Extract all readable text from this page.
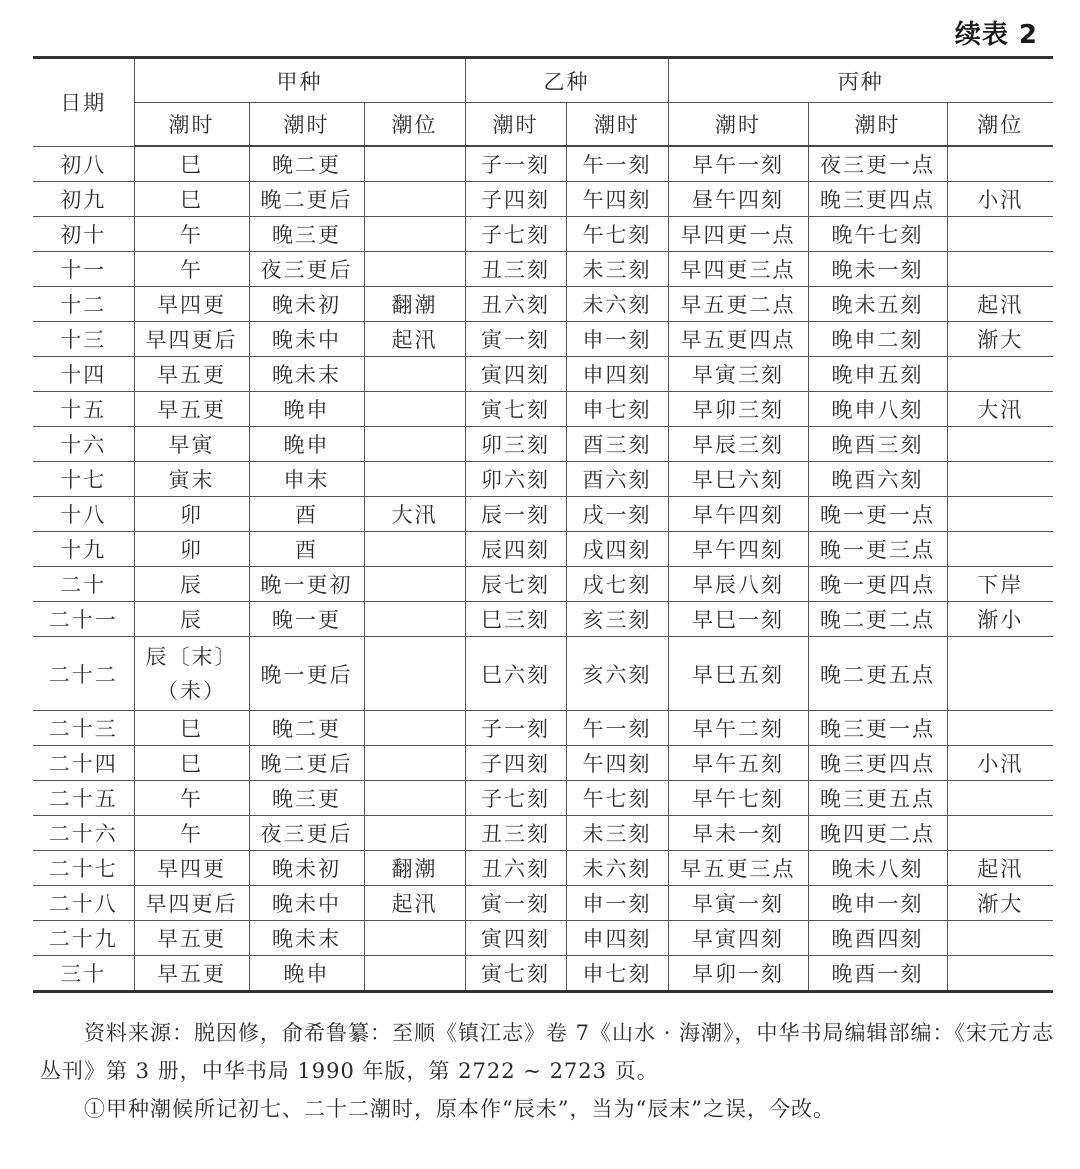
续表 2
日期	甲种			乙种		丙种		
	潮时	潮时	潮位	潮时	潮时	潮时	潮时	潮位
初八	巳	晚二更		子一刻	午一刻	早午一刻	夜三更一点	
初九	巳	晚二更后		子四刻	午四刻	昼午四刻	晚三更四点	小汛
初十	午	晚三更		子七刻	午七刻	早四更一点	晚午七刻	
十一	午	夜三更后		丑三刻	未三刻	早四更三点	晚未一刻	
十二	早四更	晚未初	翻潮	丑六刻	未六刻	早五更二点	晚未五刻	起汛
十三	早四更后	晚未中	起汛	寅一刻	申一刻	早五更四点	晚申二刻	渐大
十四	早五更	晚未末		寅四刻	申四刻	早寅三刻	晚申五刻	
十五	早五更	晚申		寅七刻	申七刻	早卯三刻	晚申八刻	大汛
十六	早寅	晚申		卯三刻	酉三刻	早辰三刻	晚酉三刻	
十七	寅末	申末		卯六刻	酉六刻	早巳六刻	晚酉六刻	
十八	卯	酉	大汛	辰一刻	戌一刻	早午四刻	晚一更一点	
十九	卯	酉		辰四刻	戌四刻	早午四刻	晚一更三点	
二十	辰	晚一更初		辰七刻	戌七刻	早辰八刻	晚一更四点	下岸
二十一	辰	晚一更		巳三刻	亥三刻	早巳一刻	晚二更二点	渐小
二十二	辰〔末〕
（未）	晚一更后		巳六刻	亥六刻	早巳五刻	晚二更五点	
二十三	巳	晚二更		子一刻	午一刻	早午二刻	晚三更一点	
二十四	巳	晚二更后		子四刻	午四刻	早午五刻	晚三更四点	小汛
二十五	午	晚三更		子七刻	午七刻	早午七刻	晚三更五点	
二十六	午	夜三更后		丑三刻	未三刻	早未一刻	晚四更二点	
二十七	早四更	晚未初	翻潮	丑六刻	未六刻	早五更三点	晚未八刻	起汛
二十八	早四更后	晚未中	起汛	寅一刻	申一刻	早寅一刻	晚申一刻	渐大
二十九	早五更	晚未末		寅四刻	申四刻	早寅四刻	晚酉四刻	
三十	早五更	晚申		寅七刻	申七刻	早卯一刻	晚酉一刻	

资料来源：脱因修，俞希鲁纂：至顺《镇江志》卷 7《山水 · 海潮》，中华书局编辑部编：《宋元方志丛刊》第 3 册，中华书局 1990 年版，第 2722 ~ 2723 页。

①甲种潮候所记初七、二十二潮时，原本作“辰未”，当为“辰末”之误，今改。
